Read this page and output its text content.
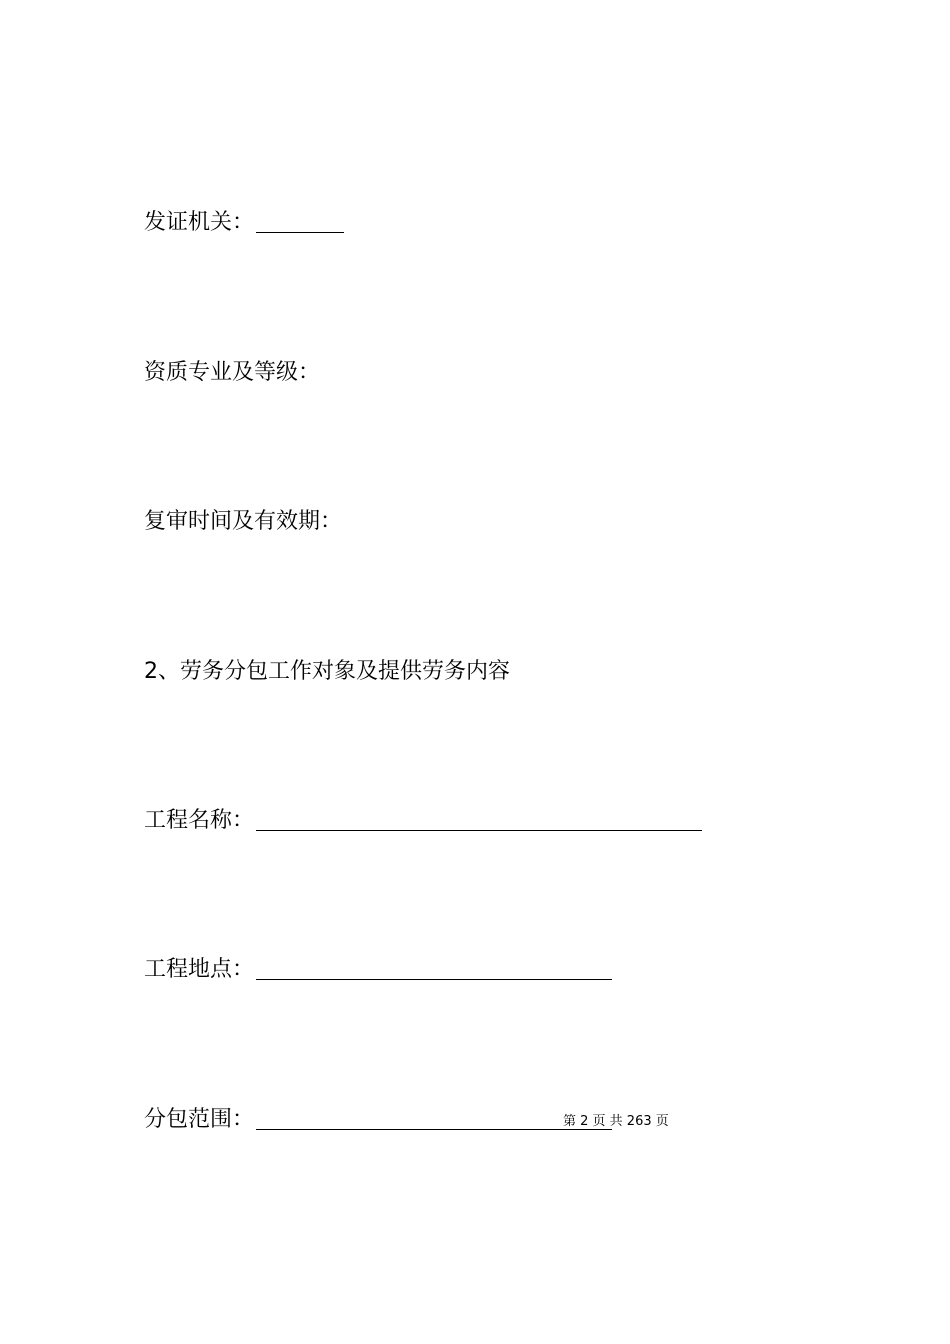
发证机关：
资质专业及等级：
复审时间及有效期：
2、劳务分包工作对象及提供劳务内容
工程名称：
工程地点：
分包范围：	第 2 页 共 263 页
